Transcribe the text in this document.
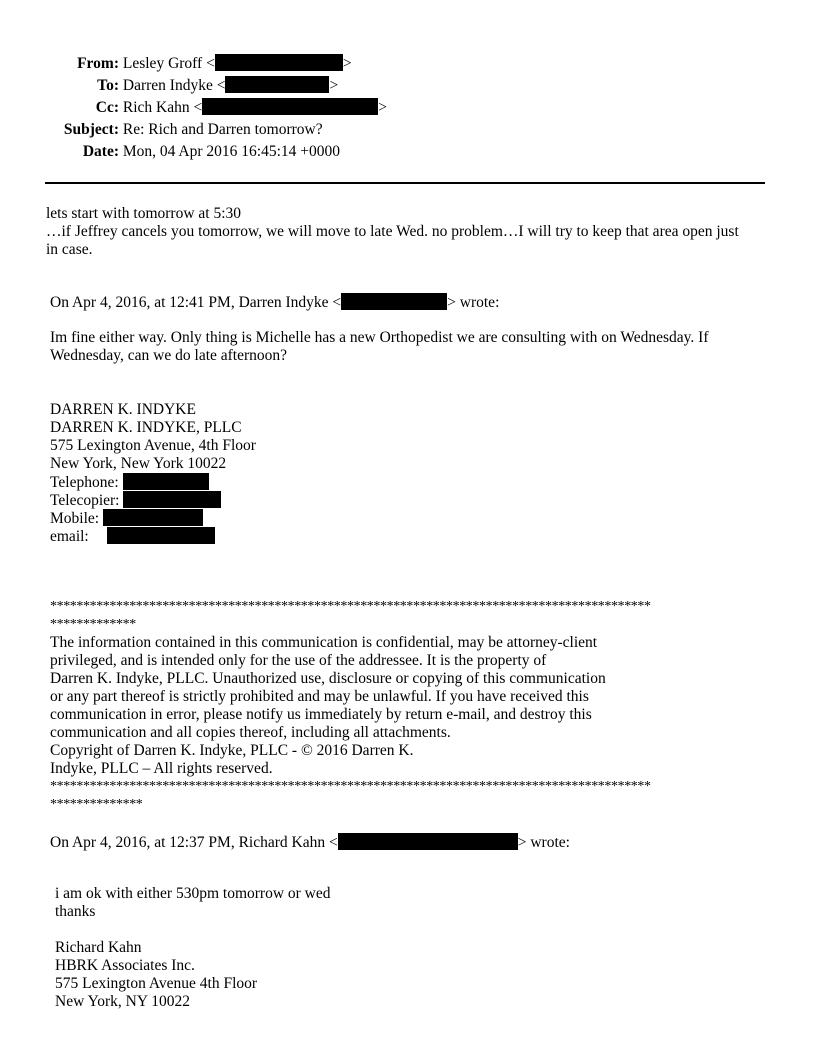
From: Lesley Groff <	>
To: Darren Indyke <	>
Cc: Rich Kahn <	>
Subject: Re: Rich and Darren tomorrow?
Date: Mon, 04 Apr 2016 16:45:14 +0000
lets start with tomorrow at 5:30
…if Jeffrey cancels you tomorrow, we will move to late Wed. no problem…I will try to keep that area open just
in case.
On Apr 4, 2016, at 12:41 PM, Darren Indyke <	> wrote:
Im fine either way. Only thing is Michelle has a new Orthopedist we are consulting with on Wednesday. If
Wednesday, can we do late afternoon?
DARREN K. INDYKE
DARREN K. INDYKE, PLLC
575 Lexington Avenue, 4th Floor
New York, New York 10022
Telephone:
Telecopier:
Mobile:
email:
*******************************************************************************************
*************
The information contained in this communication is confidential, may be attorney-client
privileged, and is intended only for the use of the addressee. It is the property of
Darren K. Indyke, PLLC. Unauthorized use, disclosure or copying of this communication
or any part thereof is strictly prohibited and may be unlawful. If you have received this
communication in error, please notify us immediately by return e-mail, and destroy this
communication and all copies thereof, including all attachments.
Copyright of Darren K. Indyke, PLLC - © 2016 Darren K.
Indyke, PLLC – All rights reserved.
*******************************************************************************************
**************
On Apr 4, 2016, at 12:37 PM, Richard Kahn <	> wrote:
i am ok with either 530pm tomorrow or wed
thanks
Richard Kahn
HBRK Associates Inc.
575 Lexington Avenue 4th Floor
New York, NY 10022
